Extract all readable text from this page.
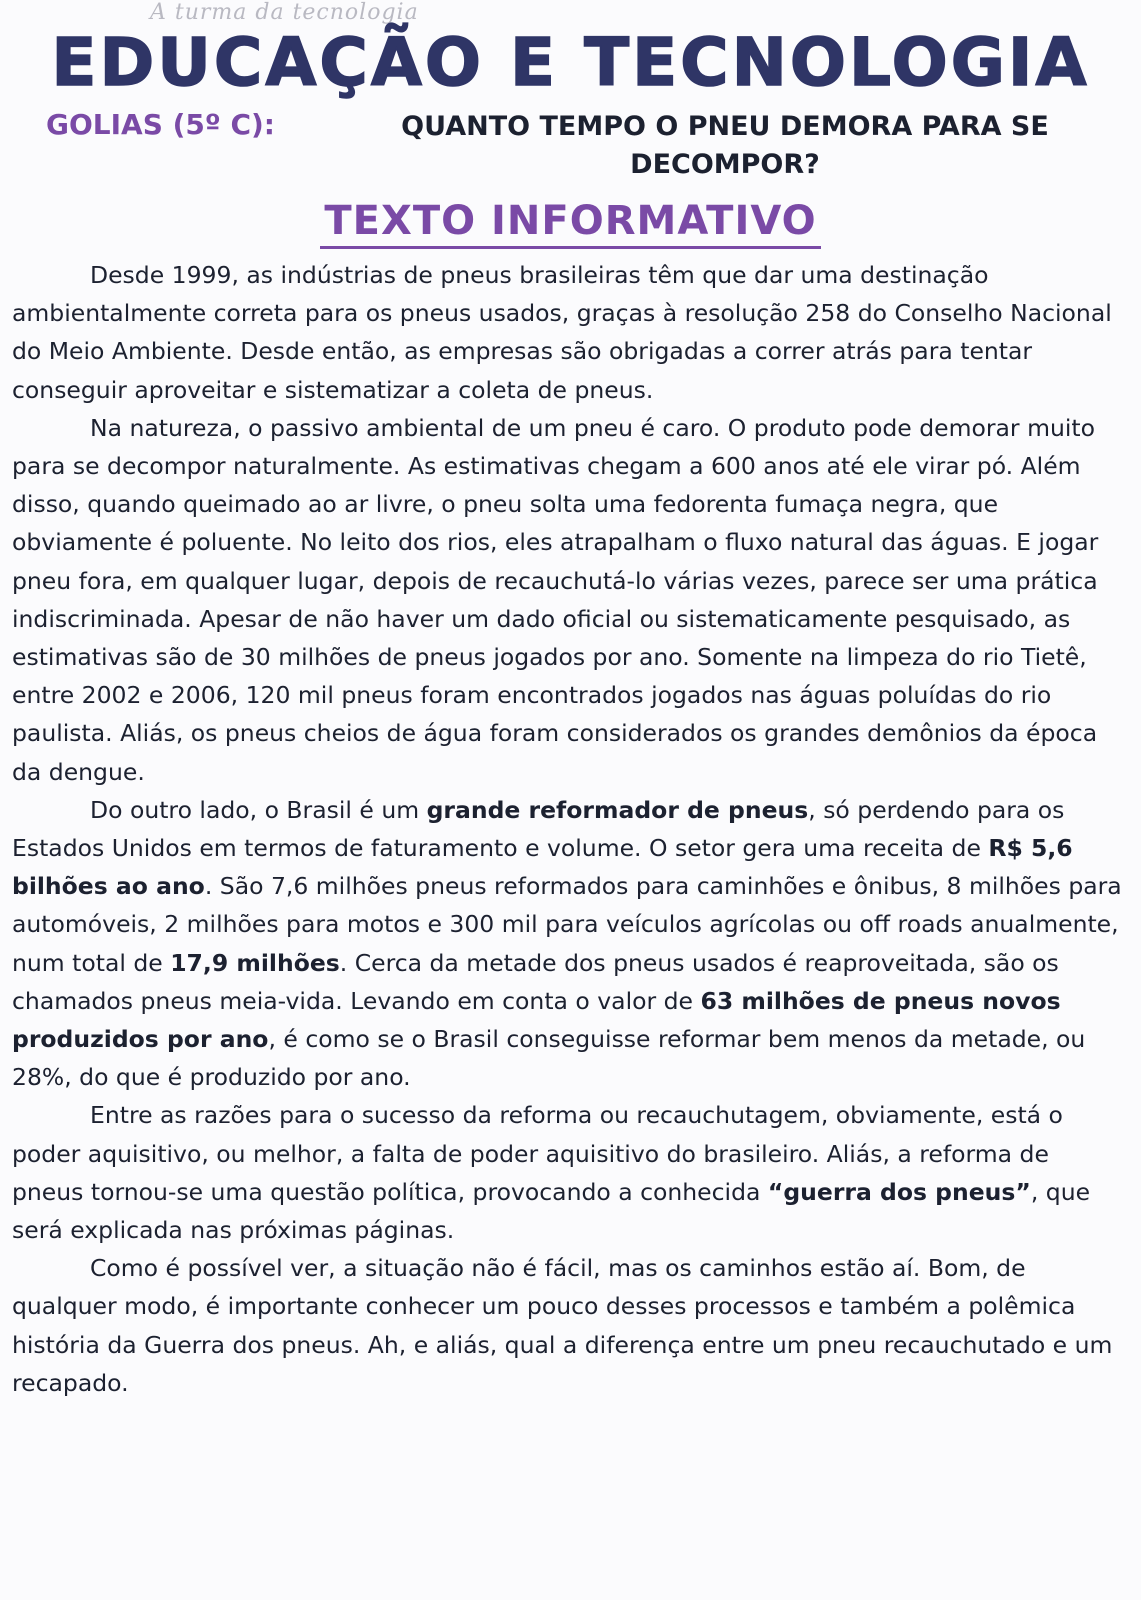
A turma da tecnologia
EDUCAÇÃO E TECNOLOGIA
GOLIAS (5º C):	QUANTO TEMPO O PNEU DEMORA PARA SE DECOMPOR?
TEXTO INFORMATIVO

Desde 1999, as indústrias de pneus brasileiras têm que dar uma destinação ambientalmente correta para os pneus usados, graças à resolução 258 do Conselho Nacional do Meio Ambiente. Desde então, as empresas são obrigadas a correr atrás para tentar conseguir aproveitar e sistematizar a coleta de pneus.

Na natureza, o passivo ambiental de um pneu é caro. O produto pode demorar muito para se decompor naturalmente. As estimativas chegam a 600 anos até ele virar pó. Além disso, quando queimado ao ar livre, o pneu solta uma fedorenta fumaça negra, que obviamente é poluente. No leito dos rios, eles atrapalham o fluxo natural das águas. E jogar pneu fora, em qualquer lugar, depois de recauchutá-lo várias vezes, parece ser uma prática indiscriminada. Apesar de não haver um dado oficial ou sistematicamente pesquisado, as estimativas são de 30 milhões de pneus jogados por ano. Somente na limpeza do rio Tietê, entre 2002 e 2006, 120 mil pneus foram encontrados jogados nas águas poluídas do rio paulista. Aliás, os pneus cheios de água foram considerados os grandes demônios da época da dengue.

Do outro lado, o Brasil é um grande reformador de pneus, só perdendo para os Estados Unidos em termos de faturamento e volume. O setor gera uma receita de R$ 5,6 bilhões ao ano. São 7,6 milhões pneus reformados para caminhões e ônibus, 8 milhões para automóveis, 2 milhões para motos e 300 mil para veículos agrícolas ou off roads anualmente, num total de 17,9 milhões. Cerca da metade dos pneus usados é reaproveitada, são os chamados pneus meia-vida. Levando em conta o valor de 63 milhões de pneus novos produzidos por ano, é como se o Brasil conseguisse reformar bem menos da metade, ou 28%, do que é produzido por ano.

Entre as razões para o sucesso da reforma ou recauchutagem, obviamente, está o poder aquisitivo, ou melhor, a falta de poder aquisitivo do brasileiro. Aliás, a reforma de pneus tornou-se uma questão política, provocando a conhecida “guerra dos pneus”, que será explicada nas próximas páginas.

Como é possível ver, a situação não é fácil, mas os caminhos estão aí. Bom, de qualquer modo, é importante conhecer um pouco desses processos e também a polêmica história da Guerra dos pneus. Ah, e aliás, qual a diferença entre um pneu recauchutado e um recapado.
